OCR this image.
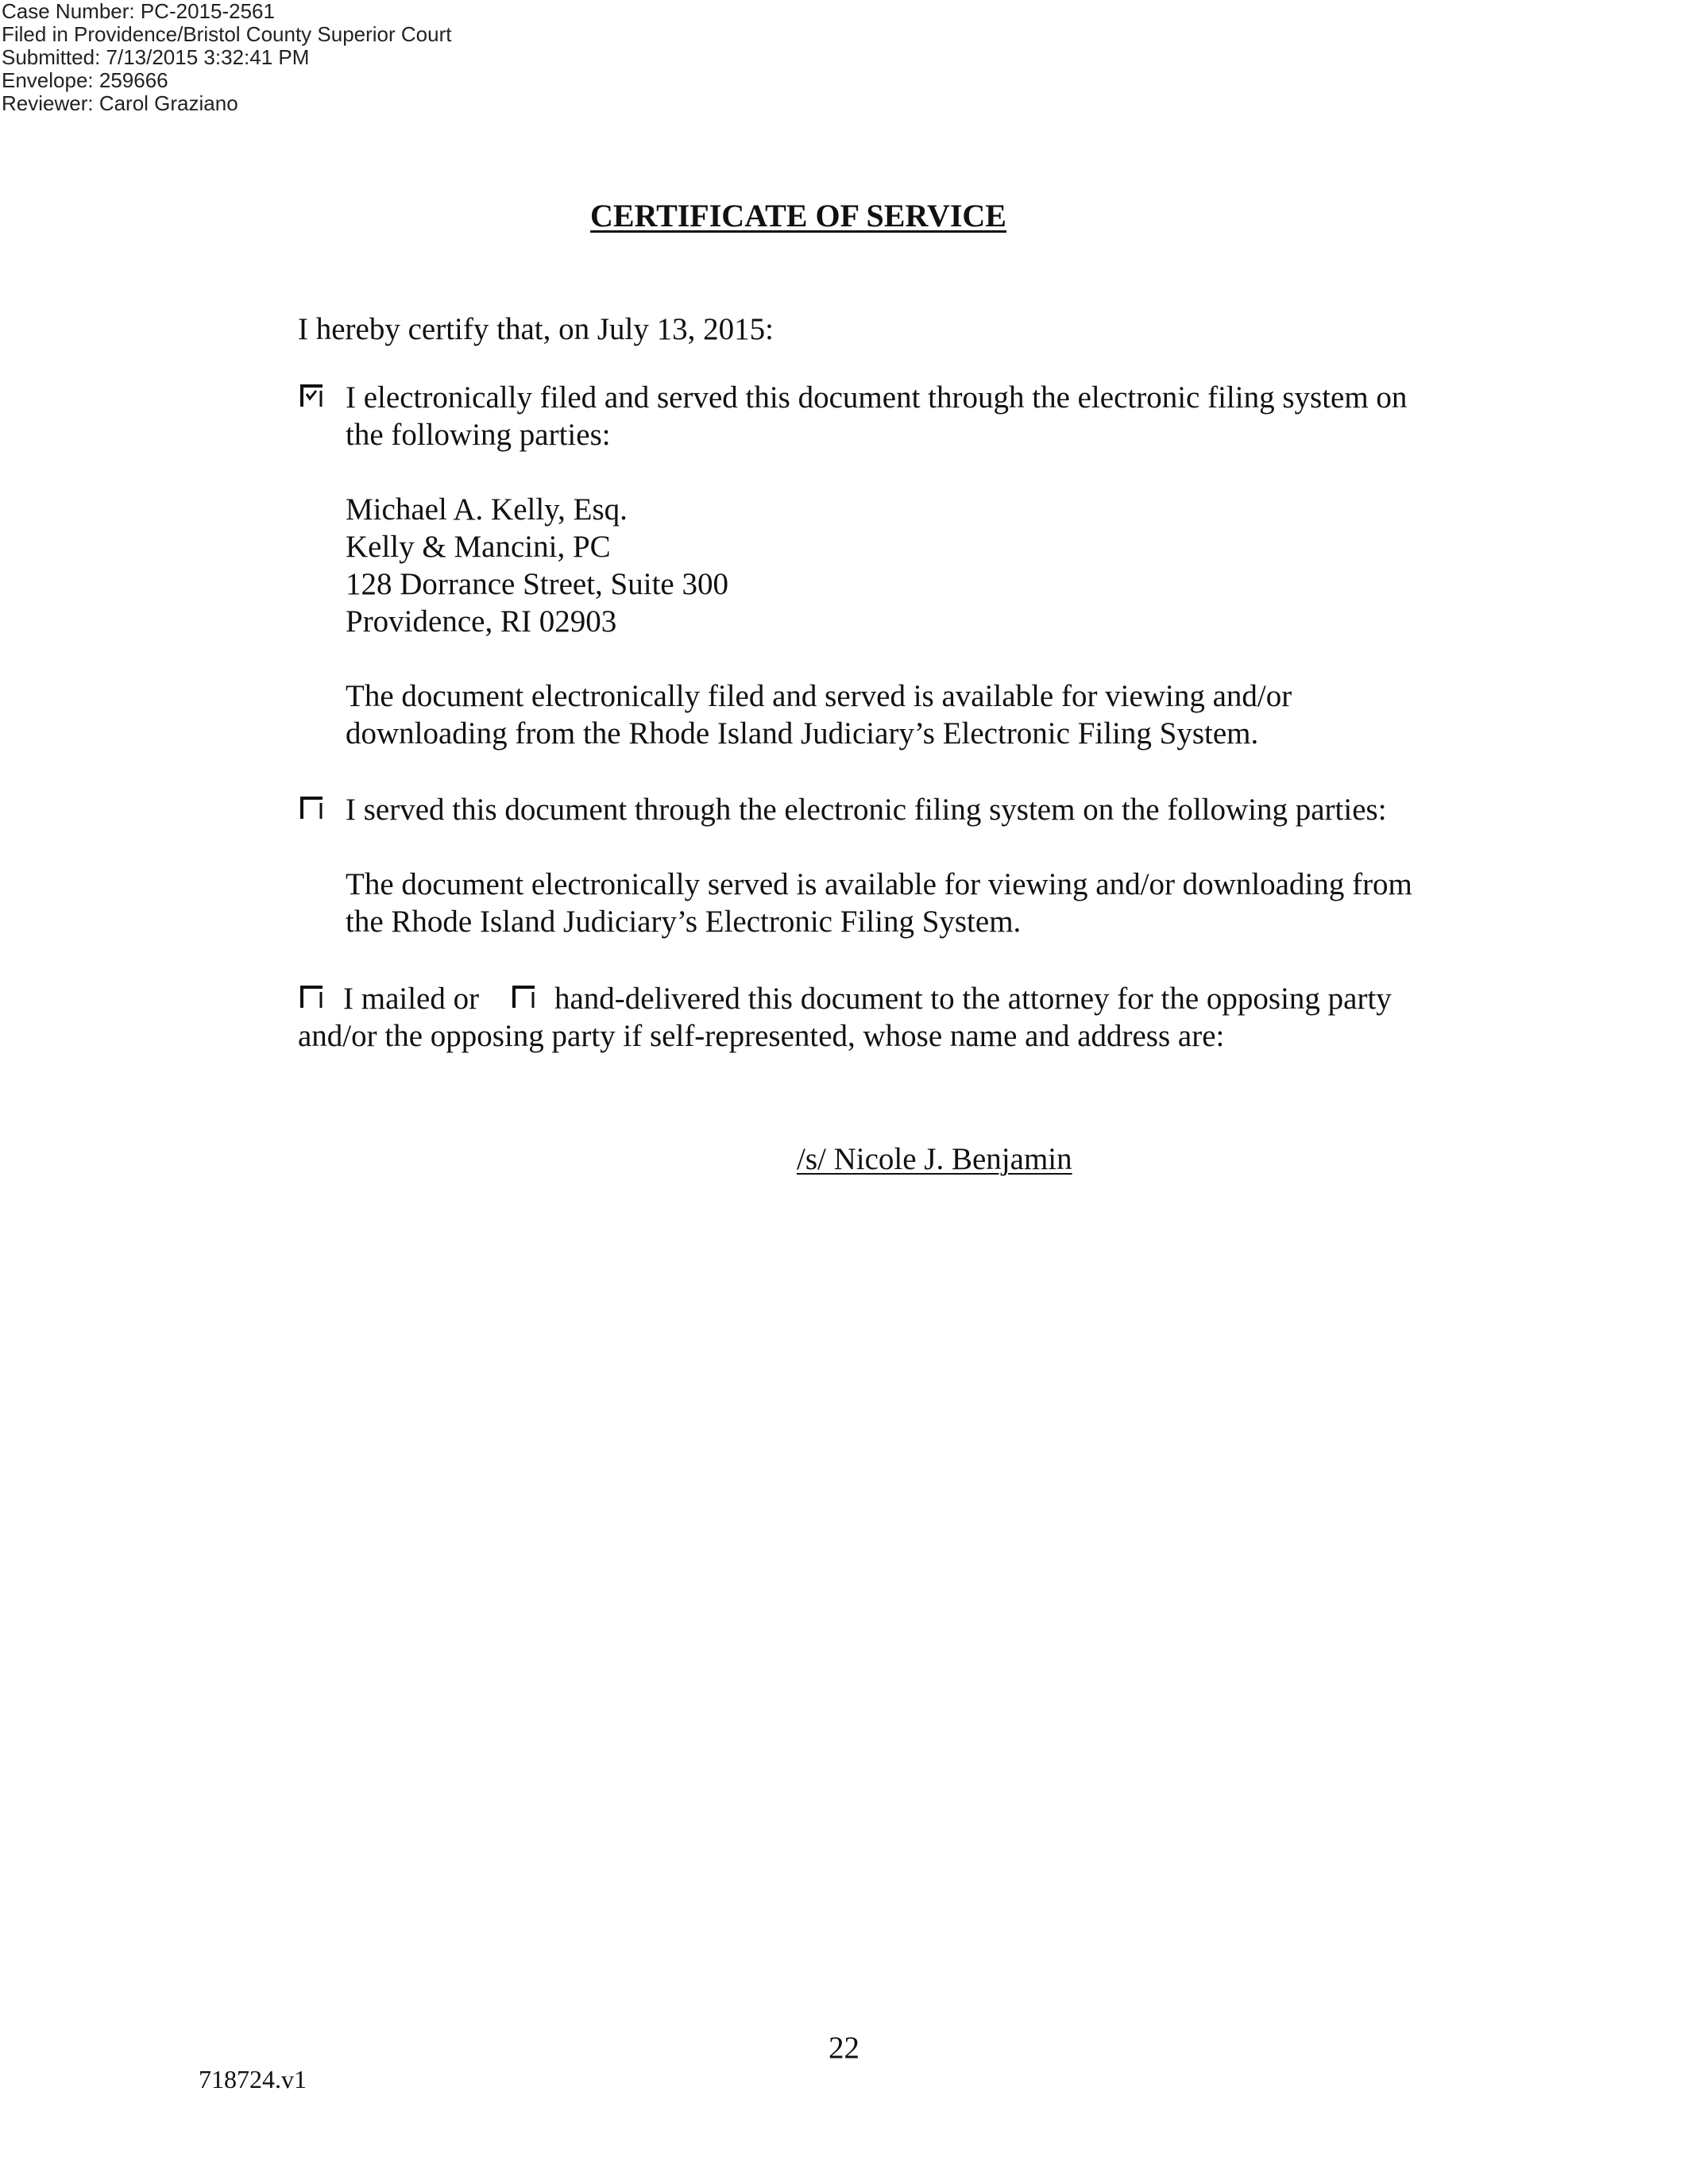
Case Number: PC-2015-2561
Filed in Providence/Bristol County Superior Court
Submitted: 7/13/2015 3:32:41 PM
Envelope: 259666
Reviewer: Carol Graziano
CERTIFICATE OF SERVICE
I hereby certify that, on July 13, 2015:
I electronically filed and served this document through the electronic filing system on
the following parties:
Michael A. Kelly, Esq.
Kelly & Mancini, PC
128 Dorrance Street, Suite 300
Providence, RI 02903
The document electronically filed and served is available for viewing and/or
downloading from the Rhode Island Judiciary’s Electronic Filing System.
I served this document through the electronic filing system on the following parties:
The document electronically served is available for viewing and/or downloading from
the Rhode Island Judiciary’s Electronic Filing System.
I mailed or hand-delivered this document to the attorney for the opposing party
and/or the opposing party if self-represented, whose name and address are:
/s/ Nicole J. Benjamin
22
718724.v1
